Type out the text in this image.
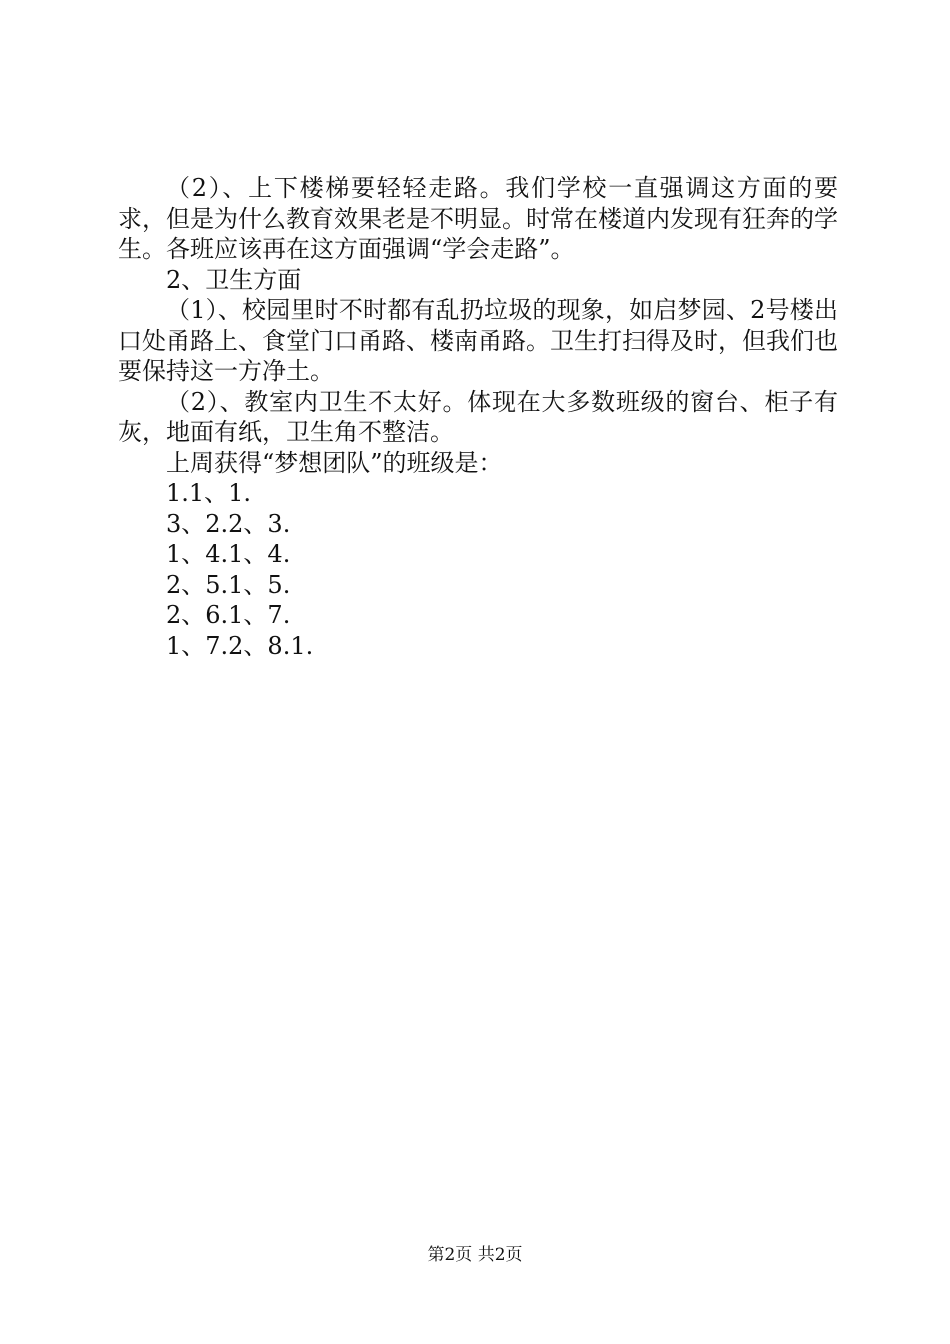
（2）、上下楼梯要轻轻走路。我们学校一直强调这方面的要求，但是为什么教育效果老是不明显。时常在楼道内发现有狂奔的学生。各班应该再在这方面强调“学会走路”。

2、卫生方面

（1）、校园里时不时都有乱扔垃圾的现象，如启梦园、2号楼出口处甬路上、食堂门口甬路、楼南甬路。卫生打扫得及时，但我们也要保持这一方净土。

（2）、教室内卫生不太好。体现在大多数班级的窗台、柜子有灰，地面有纸，卫生角不整洁。

上周获得“梦想团队”的班级是：

1.1、1.

3、2.2、3.

1、4.1、4.

2、5.1、5.

2、6.1、7.

1、7.2、8.1.

第2页 共2页
